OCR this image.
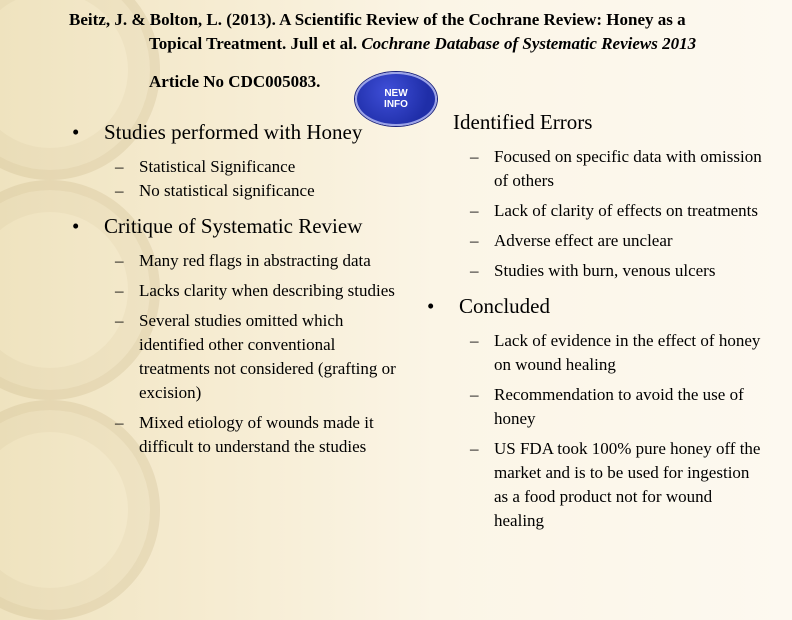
Beitz, J. & Bolton, L. (2013). A Scientific Review of the Cochrane Review: Honey as a
Topical Treatment. Jull et al. Cochrane Database of Systematic Reviews 2013
Article No CDC005083.
NEW
INFO
• Studies performed with Honey
– Statistical Significance
– No statistical significance
• Critique of Systematic Review
– Many red flags in abstracting data
– Lacks clarity when describing studies
– Several studies omitted which identified other conventional treatments not considered (grafting or excision)
– Mixed etiology of wounds made it difficult to understand the studies
Identified Errors
– Focused on specific data with omission of others
– Lack of clarity of effects on treatments
– Adverse effect are unclear
– Studies with burn, venous ulcers
• Concluded
– Lack of evidence in the effect of honey on wound healing
– Recommendation to avoid the use of honey
– US FDA took 100% pure honey off the market and is to be used for ingestion as a food product not for wound healing
